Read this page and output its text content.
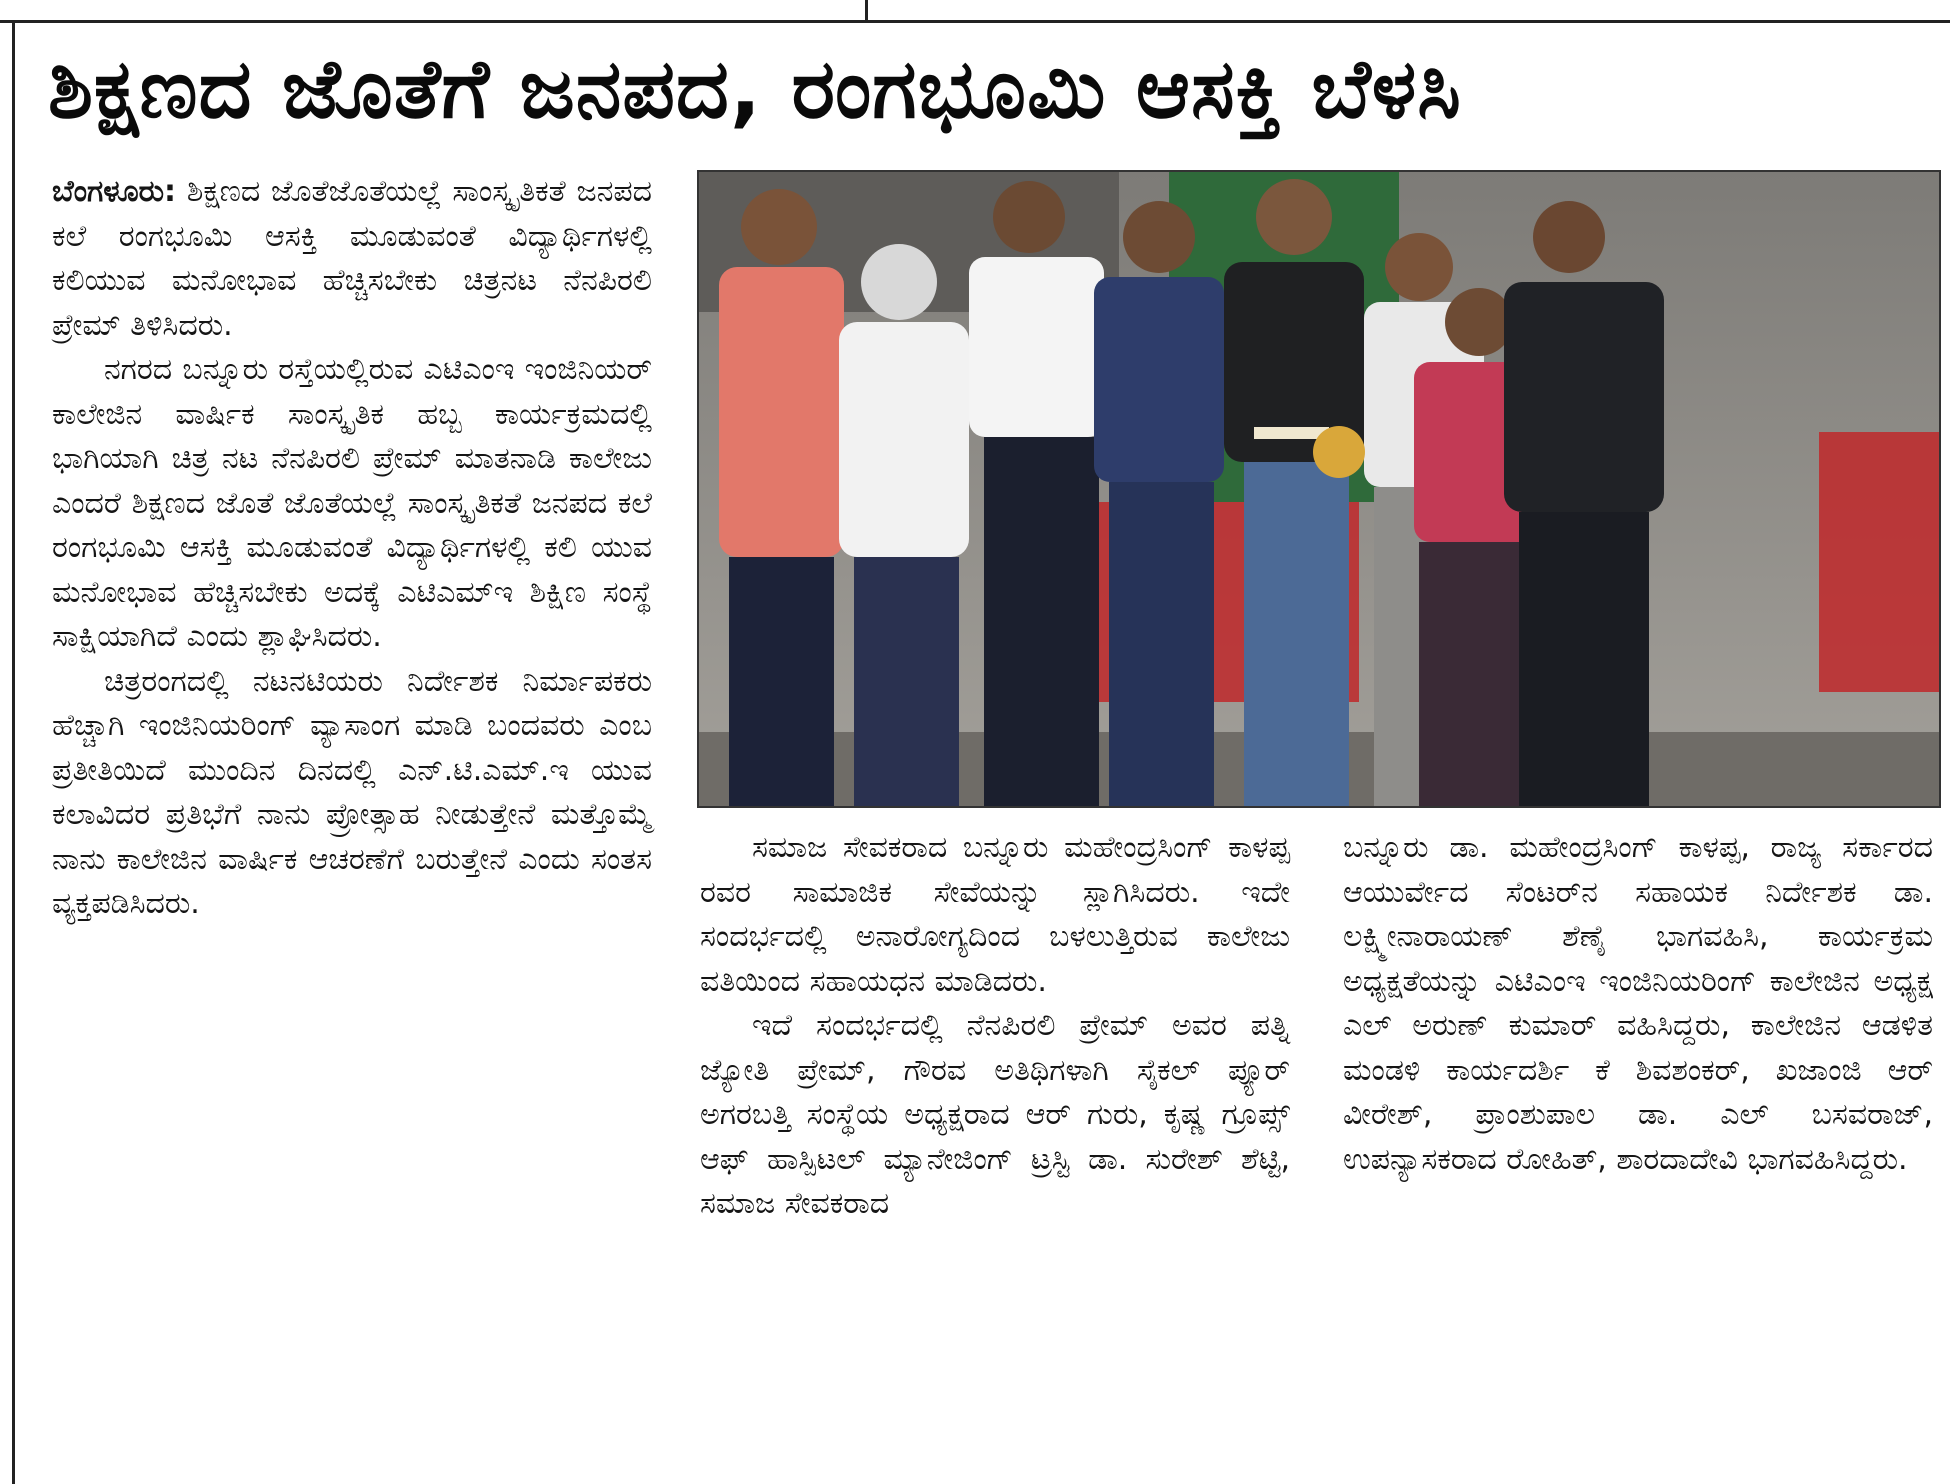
ಶಿಕ್ಷಣದ ಜೊತೆಗೆ ಜನಪದ, ರಂಗಭೂಮಿ ಆಸಕ್ತಿ ಬೆಳಸಿ

ಬೆಂಗಳೂರು: ಶಿಕ್ಷಣದ ಜೊತೆಜೊತೆಯಲ್ಲೆ ಸಾಂಸ್ಕೃತಿಕತೆ ಜನಪದ ಕಲೆ ರಂಗಭೂಮಿ ಆಸಕ್ತಿ ಮೂಡುವಂತೆ ವಿದ್ಯಾರ್ಥಿಗಳಲ್ಲಿ ಕಲಿಯುವ ಮನೋಭಾವ ಹೆಚ್ಚಿಸಬೇಕು ಚಿತ್ರನಟ ನೆನಪಿರಲಿ ಪ್ರೇಮ್ ತಿಳಿಸಿದರು.

ನಗರದ ಬನ್ನೂರು ರಸ್ತೆಯಲ್ಲಿರುವ ಎಟಿಎಂಇ ಇಂಜಿನಿಯರ್ ಕಾಲೇಜಿನ ವಾರ್ಷಿಕ ಸಾಂಸ್ಕೃತಿಕ ಹಬ್ಬ ಕಾರ್ಯಕ್ರಮದಲ್ಲಿ ಭಾಗಿಯಾಗಿ ಚಿತ್ರ ನಟ ನೆನಪಿರಲಿ ಪ್ರೇಮ್ ಮಾತನಾಡಿ ಕಾಲೇಜು ಎಂದರೆ ಶಿಕ್ಷಣದ ಜೊತೆ ಜೊತೆಯಲ್ಲೆ ಸಾಂಸ್ಕೃತಿಕತೆ ಜನಪದ ಕಲೆ ರಂಗಭೂಮಿ ಆಸಕ್ತಿ ಮೂಡುವಂತೆ ವಿದ್ಯಾರ್ಥಿಗಳಲ್ಲಿ ಕಲಿ ಯುವ ಮನೋಭಾವ ಹೆಚ್ಚಿಸಬೇಕು ಅದಕ್ಕೆ ಎಟಿಎಮ್ಇ ಶಿಕ್ಷಿಣ ಸಂಸ್ಥೆ ಸಾಕ್ಷಿಯಾಗಿದೆ ಎಂದು ಶ್ಲಾಘಿಸಿದರು.

ಚಿತ್ರರಂಗದಲ್ಲಿ ನಟನಟಿಯರು ನಿರ್ದೇಶಕ ನಿರ್ಮಾಪಕರು ಹೆಚ್ಚಾಗಿ ಇಂಜಿನಿಯರಿಂಗ್ ವ್ಯಾಸಾಂಗ ಮಾಡಿ ಬಂದವರು ಎಂಬ ಪ್ರತೀತಿಯಿದೆ ಮುಂದಿನ ದಿನದಲ್ಲಿ ಎನ್.ಟಿ.ಎಮ್.ಇ ಯುವ ಕಲಾವಿದರ ಪ್ರತಿಭೆಗೆ ನಾನು ಪ್ರೋತ್ಸಾಹ ನೀಡುತ್ತೇನೆ ಮತ್ತೊಮ್ಮೆ ನಾನು ಕಾಲೇಜಿನ ವಾರ್ಷಿಕ ಆಚರಣೆಗೆ ಬರುತ್ತೇನೆ ಎಂದು ಸಂತಸ ವ್ಯಕ್ತಪಡಿಸಿದರು.

ಸಮಾಜ ಸೇವಕರಾದ ಬನ್ನೂರು ಮಹೇಂದ್ರಸಿಂಗ್ ಕಾಳಪ್ಪ ರವರ ಸಾಮಾಜಿಕ ಸೇವೆಯನ್ನು ಸ್ಲಾಗಿಸಿದರು. ಇದೇ ಸಂದರ್ಭದಲ್ಲಿ ಅನಾರೋಗ್ಯದಿಂದ ಬಳಲುತ್ತಿರುವ ಕಾಲೇಜು ವತಿಯಿಂದ ಸಹಾಯಧನ ಮಾಡಿದರು.

ಇದೆ ಸಂದರ್ಭದಲ್ಲಿ ನೆನಪಿರಲಿ ಪ್ರೇಮ್ ಅವರ ಪತ್ನಿ ಜ್ಯೋತಿ ಪ್ರೇಮ್, ಗೌರವ ಅತಿಥಿಗಳಾಗಿ ಸೈಕಲ್ ಪ್ಯೂರ್ ಅಗರಬತ್ತಿ ಸಂಸ್ಥೆಯ ಅಧ್ಯಕ್ಷರಾದ ಆರ್ ಗುರು, ಕೃಷ್ಣ ಗ್ರೂಪ್ಸ್ ಆಫ್ ಹಾಸ್ಪಿಟಲ್ ಮ್ಯಾನೇಜಿಂಗ್ ಟ್ರಸ್ಟಿ ಡಾ. ಸುರೇಶ್ ಶೆಟ್ಟಿ, ಸಮಾಜ ಸೇವಕರಾದ

ಬನ್ನೂರು ಡಾ. ಮಹೇಂದ್ರಸಿಂಗ್ ಕಾಳಪ್ಪ, ರಾಜ್ಯ ಸರ್ಕಾರದ ಆಯುರ್ವೇದ ಸೆಂಟರ್‌ನ ಸಹಾಯಕ ನಿರ್ದೇಶಕ ಡಾ. ಲಕ್ಷ್ಮೀನಾರಾಯಣ್ ಶೆಣೈ ಭಾಗವಹಿಸಿ, ಕಾರ್ಯಕ್ರಮ ಅಧ್ಯಕ್ಷತೆಯನ್ನು ಎಟಿಎಂಇ ಇಂಜಿನಿಯರಿಂಗ್ ಕಾಲೇಜಿನ ಅಧ್ಯಕ್ಷ ಎಲ್ ಅರುಣ್ ಕುಮಾರ್ ವಹಿಸಿದ್ದರು, ಕಾಲೇಜಿನ ಆಡಳಿತ ಮಂಡಳಿ ಕಾರ್ಯದರ್ಶಿ ಕೆ ಶಿವಶಂಕರ್, ಖಜಾಂಜಿ ಆರ್ ವೀರೇಶ್, ಪ್ರಾಂಶುಪಾಲ ಡಾ. ಎಲ್ ಬಸವರಾಜ್, ಉಪನ್ಯಾಸಕರಾದ ರೋಹಿತ್, ಶಾರದಾದೇವಿ ಭಾಗವಹಿಸಿದ್ದರು.
